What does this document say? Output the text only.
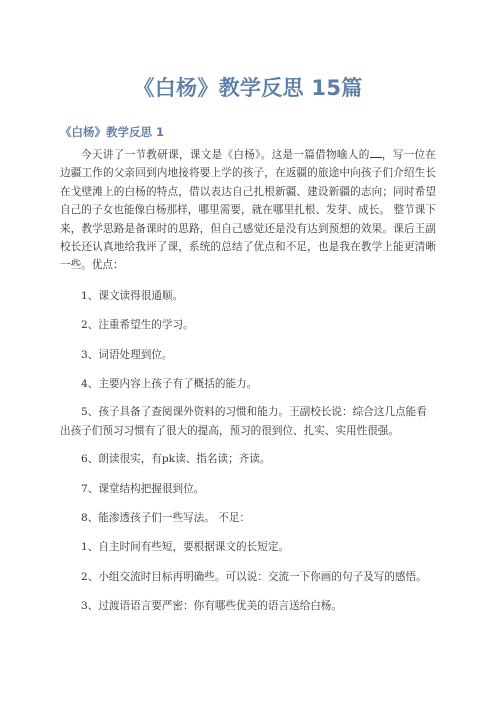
《白杨》教学反思 15篇
《白杨》教学反思 1

今天讲了一节教研课，课文是《白杨》。这是一篇借物喻人的 ，写一位在边疆工作的父亲回到内地接将要上学的孩子，在返疆的旅途中向孩子们介绍生长在戈壁滩上的白杨的特点，借以表达自己扎根新疆、建设新疆的志向；同时希望自己的子女也能像白杨那样，哪里需要，就在哪里扎根、发芽、成长。 整节课下来，教学思路是备课时的思路，但自己感觉还是没有达到预想的效果。课后王副校长还认真地给我评了课，系统的总结了优点和不足，也是我在教学上能更清晰一些。优点：

1、课文读得很通顺。

2、注重希望生的学习。

3、词语处理到位。

4、主要内容上孩子有了概括的能力。

5、孩子具备了查阅课外资料的习惯和能力。王副校长说：综合这几点能看出孩子们预习习惯有了很大的提高，预习的很到位、扎实、实用性很强。

6、朗读很实，有pk读、指名读；齐读。

7、课堂结构把握很到位。

8、能渗透孩子们一些写法。 不足：

1、自主时间有些短，要根据课文的长短定。

2、小组交流时目标再明确些。可以说：交流一下你画的句子及写的感悟。

3、过渡语语言要严密：你有哪些优美的语言送给白杨。
